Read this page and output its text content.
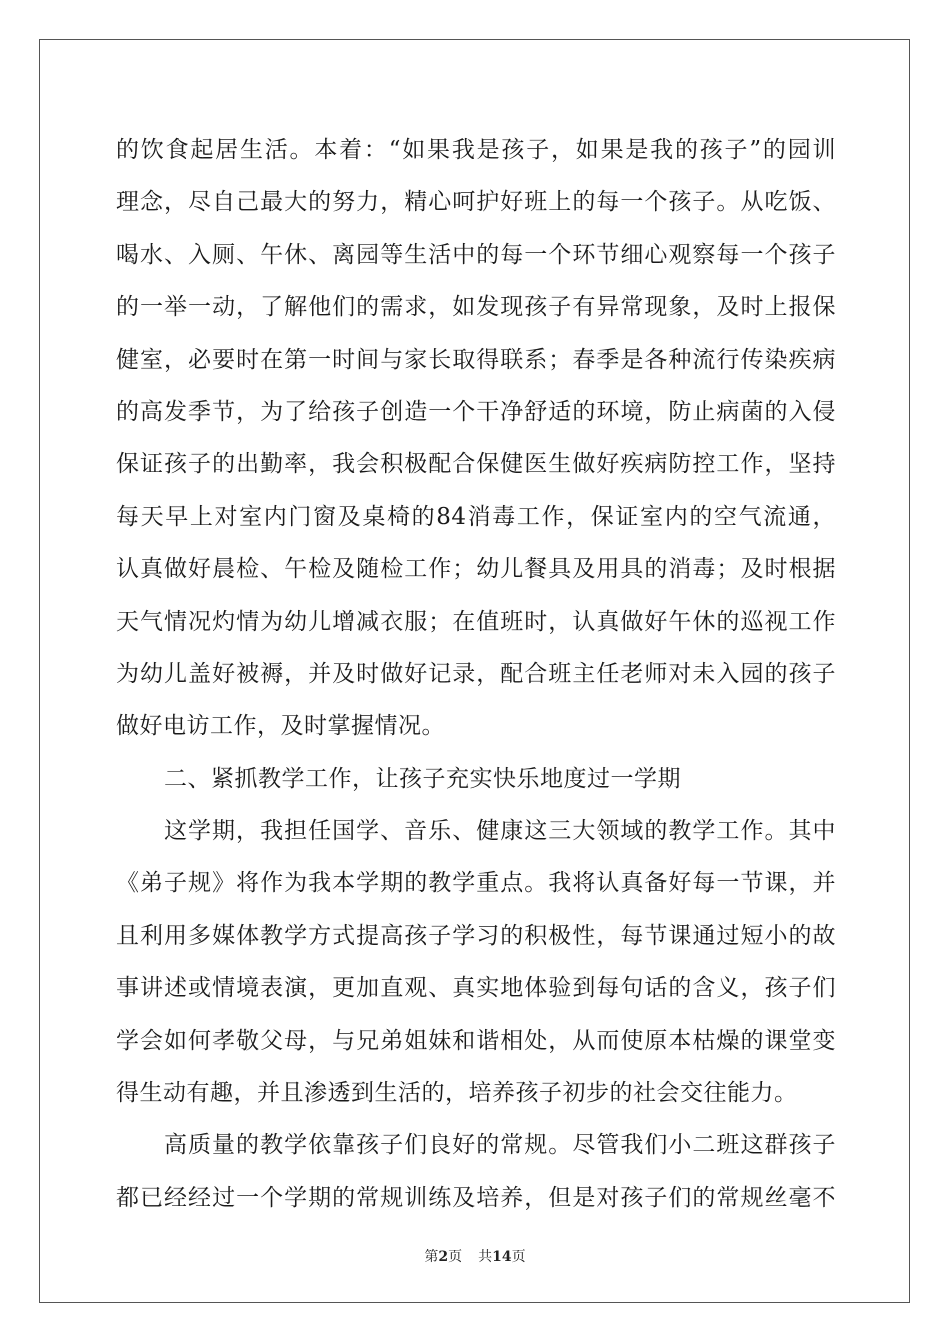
的饮食起居生活。本着：“如果我是孩子，如果是我的孩子”的园训
理念，尽自己最大的努力，精心呵护好班上的每一个孩子。从吃饭、
喝水、入厕、午休、离园等生活中的每一个环节细心观察每一个孩子
的一举一动，了解他们的需求，如发现孩子有异常现象，及时上报保
健室，必要时在第一时间与家长取得联系；春季是各种流行传染疾病
的高发季节，为了给孩子创造一个干净舒适的环境，防止病菌的入侵
保证孩子的出勤率，我会积极配合保健医生做好疾病防控工作，坚持
每天早上对室内门窗及桌椅的84消毒工作，保证室内的空气流通，
认真做好晨检、午检及随检工作；幼儿餐具及用具的消毒；及时根据
天气情况灼情为幼儿增减衣服；在值班时，认真做好午休的巡视工作
为幼儿盖好被褥，并及时做好记录，配合班主任老师对未入园的孩子
做好电访工作，及时掌握情况。
二、紧抓教学工作，让孩子充实快乐地度过一学期
这学期，我担任国学、音乐、健康这三大领域的教学工作。其中
《弟子规》将作为我本学期的教学重点。我将认真备好每一节课，并
且利用多媒体教学方式提高孩子学习的积极性，每节课通过短小的故
事讲述或情境表演，更加直观、真实地体验到每句话的含义，孩子们
学会如何孝敬父母，与兄弟姐妹和谐相处，从而使原本枯燥的课堂变
得生动有趣，并且渗透到生活的，培养孩子初步的社会交往能力。
高质量的教学依靠孩子们良好的常规。尽管我们小二班这群孩子
都已经经过一个学期的常规训练及培养，但是对孩子们的常规丝毫不
第2页 共14页
